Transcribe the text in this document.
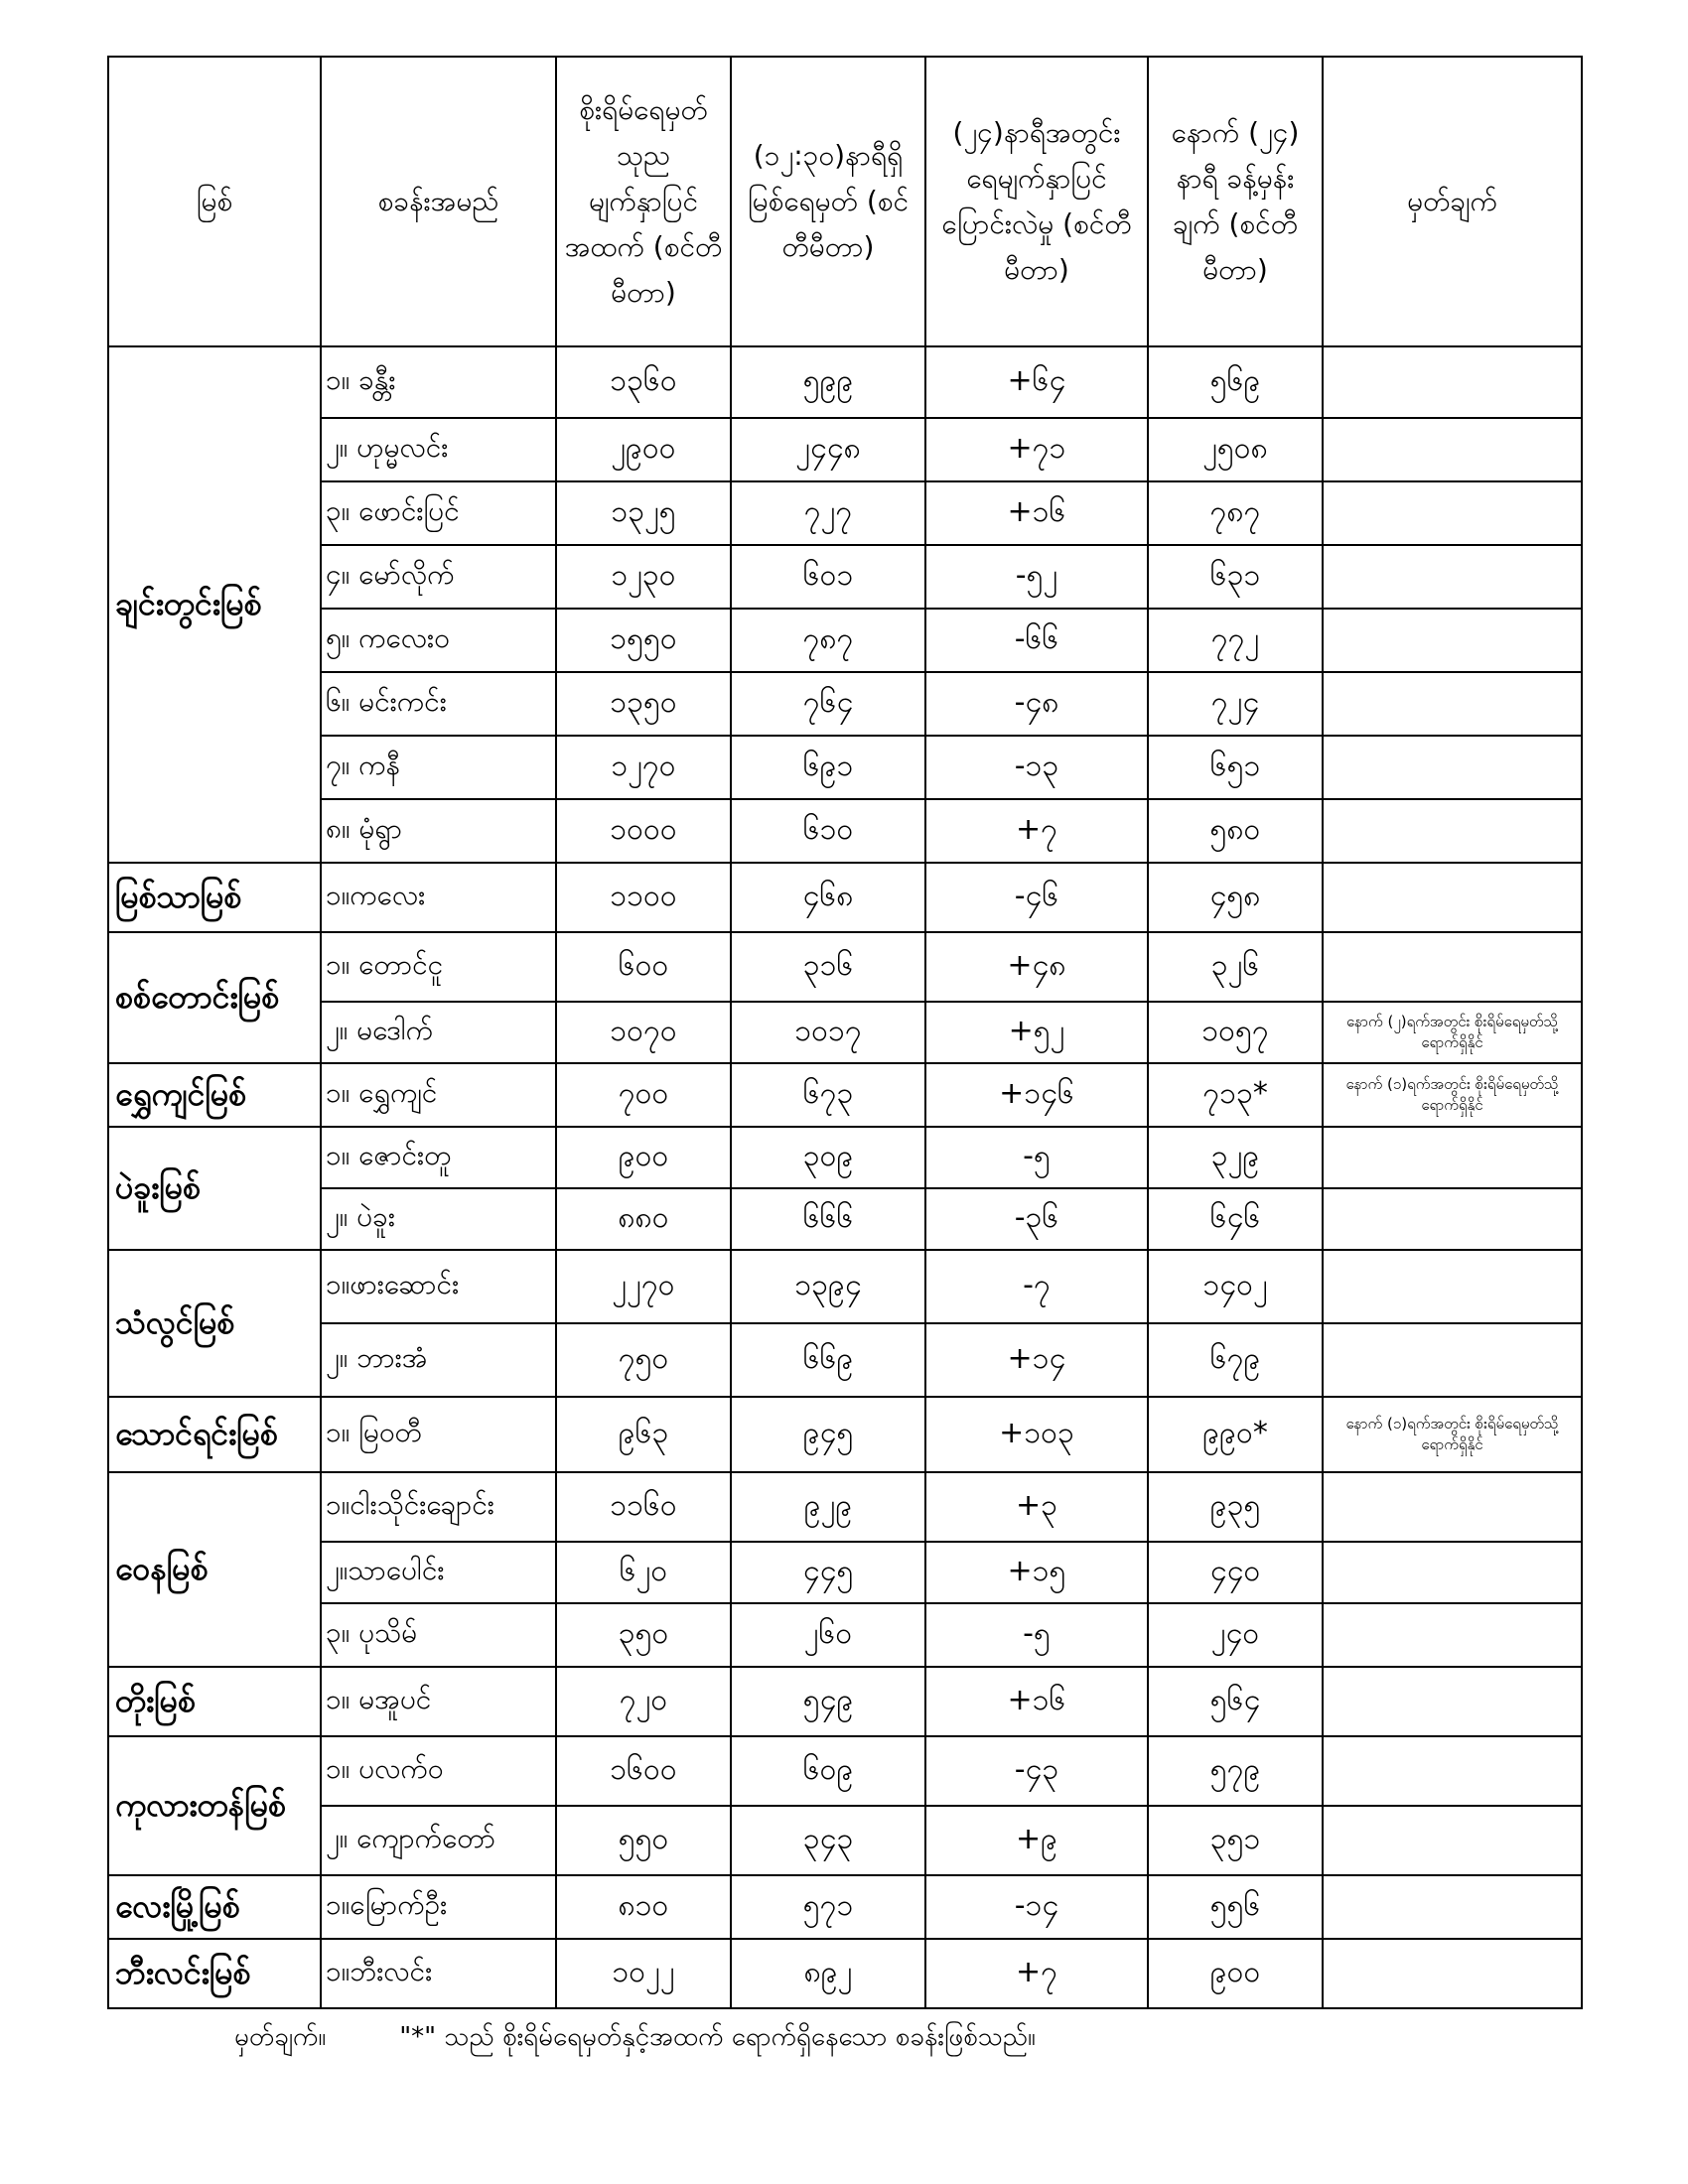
မြစ်	စခန်းအမည်	စိုးရိမ်ရေမှတ် သုည မျက်နှာပြင် အထက် (စင်တီမီတာ)	(၁၂:၃၀)နာရီရှိ မြစ်ရေမှတ် (စင်တီမီတာ)	(၂၄)နာရီအတွင်း ရေမျက်နှာပြင် ပြောင်းလဲမှု (စင်တီမီတာ)	နောက် (၂၄) နာရီ ခန့်မှန်းချက် (စင်တီမီတာ)	မှတ်ချက်
ချင်းတွင်းမြစ်	၁။ ခန္တီး	၁၃၆၀	၅၉၉	+၆၄	၅၆၉	
	၂။ ဟုမ္မလင်း	၂၉၀၀	၂၄၄၈	+၇၁	၂၅၀၈	
	၃။ ဖောင်းပြင်	၁၃၂၅	၇၂၇	+၁၆	၇၈၇	
	၄။ မော်လိုက်	၁၂၃၀	၆၀၁	-၅၂	၆၃၁	
	၅။ ကလေးဝ	၁၅၅၀	၇၈၇	-၆၆	၇၇၂	
	၆။ မင်းကင်း	၁၃၅၀	၇၆၄	-၄၈	၇၂၄	
	၇။ ကနီ	၁၂၇၀	၆၉၁	-၁၃	၆၅၁	
	၈။ မုံရွာ	၁၀၀၀	၆၁၀	+၇	၅၈၀	
မြစ်သာမြစ်	၁။ကလေး	၁၁၀၀	၄၆၈	-၄၆	၄၅၈	
စစ်တောင်းမြစ်	၁။ တောင်ငူ	၆၀၀	၃၁၆	+၄၈	၃၂၆	
	၂။ မဒေါက်	၁၀၇၀	၁၀၁၇	+၅၂	၁၀၅၇	နောက် (၂)ရက်အတွင်း စိုးရိမ်ရေမှတ်သို့ ရောက်ရှိနိုင်
ရွှေကျင်မြစ်	၁။ ရွှေကျင်	၇၀၀	၆၇၃	+၁၄၆	၇၁၃*	နောက် (၁)ရက်အတွင်း စိုးရိမ်ရေမှတ်သို့ ရောက်ရှိနိုင်
ပဲခူးမြစ်	၁။ ဇောင်းတူ	၉၀၀	၃၀၉	-၅	၃၂၉	
	၂။ ပဲခူး	၈၈၀	၆၆၆	-၃၆	၆၄၆	
သံလွင်မြစ်	၁။ဖားဆောင်း	၂၂၇၀	၁၃၉၄	-၇	၁၄၀၂	
	၂။ ဘားအံ	၇၅၀	၆၆၉	+၁၄	၆၇၉	
သောင်ရင်းမြစ်	၁။ မြဝတီ	၉၆၃	၉၄၅	+၁၀၃	၉၉၀*	နောက် (၁)ရက်အတွင်း စိုးရိမ်ရေမှတ်သို့ ရောက်ရှိနိုင်
ဝေနမြစ်	၁။ငါးသိုင်းချောင်း	၁၁၆၀	၉၂၉	+၃	၉၃၅	
	၂။သာပေါင်း	၆၂၀	၄၄၅	+၁၅	၄၄၀	
	၃။ ပုသိမ်	၃၅၀	၂၆၀	-၅	၂၄၀	
တိုးမြစ်	၁။ မအူပင်	၇၂၀	၅၄၉	+၁၆	၅၆၄	
ကုလားတန်မြစ်	၁။ ပလက်ဝ	၁၆၀၀	၆၀၉	-၄၃	၅၇၉	
	၂။ ကျောက်တော်	၅၅၀	၃၄၃	+၉	၃၅၁	
လေးမြို့မြစ်	၁။မြောက်ဦး	၈၁၀	၅၇၁	-၁၄	၅၅၆	
ဘီးလင်းမြစ်	၁။ဘီးလင်း	၁၀၂၂	၈၉၂	+၇	၉၀၀	
မှတ်ချက်။	"*" သည် စိုးရိမ်ရေမှတ်နှင့်အထက် ရောက်ရှိနေသော စခန်းဖြစ်သည်။
